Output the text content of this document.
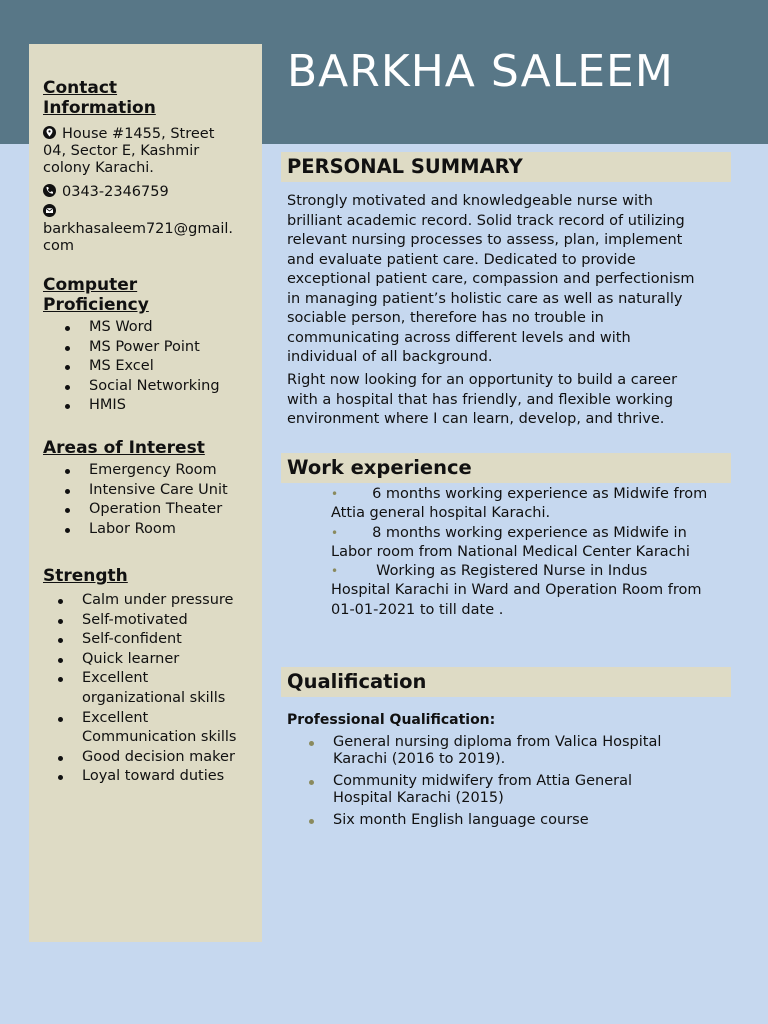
BARKHA SALEEM
Contact
Information
House #1455, Street
04, Sector E, Kashmir
colony Karachi.
0343-2346759
barkhasaleem721@gmail.
com
Computer
Proficiency
MS Word
MS Power Point
MS Excel
Social Networking
HMIS
Areas of Interest
Emergency Room
Intensive Care Unit
Operation Theater
Labor Room
Strength
Calm under pressure
Self-motivated
Self-confident
Quick learner
Excellent
organizational skills
Excellent
Communication skills
Good decision maker
Loyal toward duties
PERSONAL SUMMARY
Strongly motivated and knowledgeable nurse with
brilliant academic record. Solid track record of utilizing
relevant nursing processes to assess, plan, implement
and evaluate patient care. Dedicated to provide
exceptional patient care, compassion and perfectionism
in managing patient’s holistic care as well as naturally
sociable person, therefore has no trouble in
communicating across different levels and with
individual of all background.
Right now looking for an opportunity to build a career
with a hospital that has friendly, and flexible working
environment where I can learn, develop, and thrive.
Work experience
• 6 months working experience as Midwife from
Attia general hospital Karachi.
• 8 months working experience as Midwife in
Labor room from National Medical Center Karachi
•	Working as Registered Nurse in Indus
Hospital Karachi in Ward and Operation Room from
01-01-2021 to till date .
Qualification
Professional Qualification:
General nursing diploma from Valica Hospital
Karachi (2016 to 2019).
Community midwifery from Attia General
Hospital Karachi (2015)
Six month English language course
